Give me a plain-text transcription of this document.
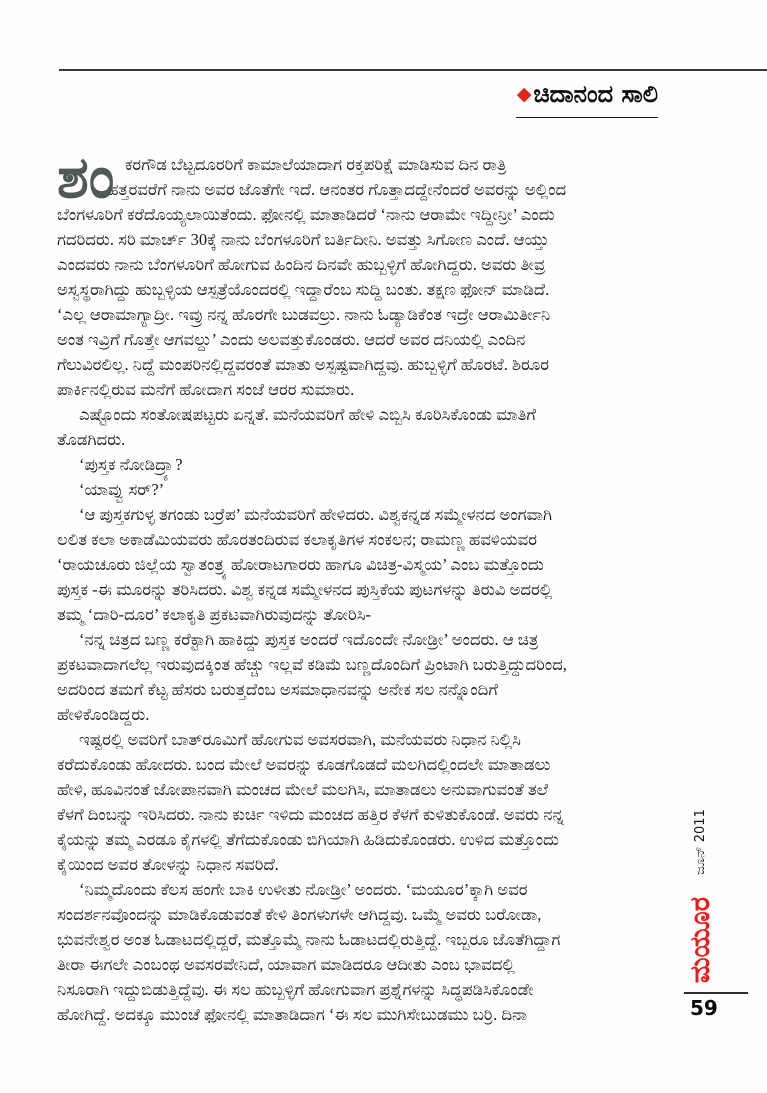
◆ಚಿದಾನಂದ ಸಾಲಿ
ಶಂ ಕರಗೌಡ ಬೆಟ್ಟದೂರರಿಗೆ ಕಾಮಾಲೆಯಾದಾಗ ರಕ್ತಪರಿಕ್ಷೆ ಮಾಡಿಸುವ ದಿನ ರಾತ್ರಿ
ಹತ್ತರವರೆಗೆ ನಾನು ಅವರ ಜೊತೆಗೇ ಇದೆ. ಆನಂತರ ಗೊತ್ತಾದದ್ದೇನೆಂದರೆ ಅವರನ್ನು ಅಲ್ಲಿಂದ
ಬೆಂಗಳೂರಿಗೆ ಕರೆದೊಯ್ಯಲಾಯಿತೆಂದು. ಫೋನಲ್ಲಿ ಮಾತಾಡಿದರೆ ‘ನಾನು ಆರಾಮೇ ಇದ್ದೀನ್ರೀ’ ಎಂದು
ಗದರಿದರು. ಸರಿ ಮಾರ್ಚ್ 30ಕ್ಕೆ ನಾನು ಬೆಂಗಳೂರಿಗೆ ಬರ್ತಿದೀನಿ. ಅವತ್ತು ಸಿಗೋಣ ಎಂದೆ. ಆಯ್ತು
ಎಂದವರು ನಾನು ಬೆಂಗಳೂರಿಗೆ ಹೋಗುವ ಹಿಂದಿನ ದಿನವೇ ಹುಬ್ಬಳ್ಳಿಗೆ ಹೋಗಿದ್ದರು. ಅವರು ತೀವ್ರ
ಅಸ್ವಸ್ಥರಾಗಿದ್ದು ಹುಬ್ಬಳ್ಳಿಯ ಆಸ್ಪತ್ರೆಯೊಂದರಲ್ಲಿ ಇದ್ದಾರೆಂಬ ಸುದ್ದಿ ಬಂತು. ತಕ್ಷಣ ಫೋನ್ ಮಾಡಿದೆ.
‘ಎಲ್ಲ ಆರಾಮಾಗ್ಯಾದ್ರೀ. ಇವ್ರು ನನ್ನ ಹೊರಗೇ ಬುಡವಲ್ರು. ನಾನು ಓಡ್ಯಾಡಿಕೆಂತ ಇದ್ರೇ ಆರಾಮಿರ್ತೀನಿ
ಅಂತ ಇವ್ರಿಗೆ ಗೊತ್ತೇ ಆಗವಲ್ದು’ ಎಂದು ಅಲವತ್ತುಕೊಂಡರು. ಆದರೆ ಅವರ ದನಿಯಲ್ಲಿ ಎಂದಿನ
ಗೆಲುವಿರಲಿಲ್ಲ. ನಿದ್ದೆ ಮಂಪರಿನಲ್ಲಿದ್ದವರಂತೆ ಮಾತು ಅಸ್ಪಷ್ಟವಾಗಿದ್ದವು. ಹುಬ್ಬಳ್ಳಿಗೆ ಹೊರಟೆ. ಶಿರೂರ
ಪಾರ್ಕಿನಲ್ಲಿರುವ ಮನೆಗೆ ಹೋದಾಗ ಸಂಜೆ ಆರರ ಸುಮಾರು.
ಎಷ್ಟೊಂದು ಸಂತೋಷಪಟ್ಟರು ಏನ್ನತೆ. ಮನೆಯವರಿಗೆ ಹೇಳಿ ಎಬ್ಬಿಸಿ ಕೂರಿಸಿಕೊಂಡು ಮಾತಿಗೆ
ತೊಡಗಿದರು.
‘ಪುಸ್ತಕ ನೋಡಿದ್ರ್ಯಾ?
‘ಯಾವ್ವು ಸರ್?’
‘ಆ ಪುಸ್ತಕಗುಳ್ಳ ತಗಂಡು ಬರ್ರೆಪ’ ಮನೆಯವರಿಗೆ ಹೇಳಿದರು. ವಿಶ್ವಕನ್ನಡ ಸಮ್ಮೇಳನದ ಅಂಗವಾಗಿ
ಲಲಿತ ಕಲಾ ಅಕಾಡೆಮಿಯವರು ಹೊರತಂದಿರುವ ಕಲಾಕೃತಿಗಳ ಸಂಕಲನ; ರಾಮಣ್ಣ ಹವಳಿಯವರ
‘ರಾಯಚೂರು ಜಿಲ್ಲೆಯ ಸ್ವಾತಂತ್ರ್ಯ ಹೋರಾಟಗಾರರು ಹಾಗೂ ವಿಚಿತ್ರ-ವಿಸ್ಮಯ’ ಎಂಬ ಮತ್ತೊಂದು
ಪುಸ್ತಕ -ಈ ಮೂರನ್ನು ತರಿಸಿದರು. ವಿಶ್ವ ಕನ್ನಡ ಸಮ್ಮೇಳನದ ಪುಸ್ತಿಕೆಯ ಪುಟಗಳನ್ನು ತಿರುವಿ ಅದರಲ್ಲಿ
ತಮ್ಮ ‘ದಾರಿ-ದೂರ’ ಕಲಾಕೃತಿ ಪ್ರಕಟವಾಗಿರುವುದನ್ನು ತೋರಿಸಿ-
‘ನನ್ನ ಚಿತ್ರದ ಬಣ್ಣ ಕರೆಕ್ಟಾಗಿ ಹಾಕಿದ್ದು ಪುಸ್ತಕ ಅಂದರೆ ಇದೊಂದೇ ನೋಡ್ರೀ’ ಅಂದರು. ಆ ಚಿತ್ರ
ಪ್ರಕಟವಾದಾಗಲೆಲ್ಲ ಇರುವುದಕ್ಕಿಂತ ಹೆಚ್ಚು ಇಲ್ಲವೆ ಕಡಿಮೆ ಬಣ್ಣದೊಂದಿಗೆ ಪ್ರಿಂಟಾಗಿ ಬರುತ್ತಿದ್ದುದರಿಂದ,
ಅದರಿಂದ ತಮಗೆ ಕೆಟ್ಟ ಹೆಸರು ಬರುತ್ತದೆಂಬ ಅಸಮಾಧಾನವನ್ನು ಅನೇಕ ಸಲ ನನ್ನೊಂದಿಗೆ
ಹೇಳಿಕೊಂಡಿದ್ದರು.
ಇಷ್ಟರಲ್ಲಿ ಅವರಿಗೆ ಬಾತ್‌ರೂಮಿಗೆ ಹೋಗುವ ಅವಸರವಾಗಿ, ಮನೆಯವರು ನಿಧಾನ ನಿಲ್ಲಿಸಿ
ಕರೆದುಕೊಂಡು ಹೋದರು. ಬಂದ ಮೇಲೆ ಅವರನ್ನು ಕೂಡಗೊಡದೆ ಮಲಗಿದಲ್ಲಿಂದಲೇ ಮಾತಾಡಲು
ಹೇಳಿ, ಹೂವಿನಂತೆ ಜೋಪಾನವಾಗಿ ಮಂಚದ ಮೇಲೆ ಮಲಗಿಸಿ, ಮಾತಾಡಲು ಅನುವಾಗುವಂತೆ ತಲೆ
ಕೆಳಗೆ ದಿಂಬನ್ನು ಇರಿಸಿದರು. ನಾನು ಕುರ್ಚಿ ಇಳಿದು ಮಂಚದ ಹತ್ತಿರ ಕೆಳಗೆ ಕುಳಿತುಕೊಂಡೆ. ಅವರು ನನ್ನ
ಕೈಯನ್ನು ತಮ್ಮ ಎರಡೂ ಕೈಗಳಲ್ಲಿ ತೆಗೆದುಕೊಂಡು ಬಿಗಿಯಾಗಿ ಹಿಡಿದುಕೊಂಡರು. ಉಳಿದ ಮತ್ತೊಂದು
ಕೈಯಿಂದ ಅವರ ತೋಳನ್ನು ನಿಧಾನ ಸವರಿದೆ.
‘ನಿಮ್ಮದೊಂದು ಕೆಲಸ ಹಂಗೇ ಬಾಕಿ ಉಳೀತು ನೋಡ್ರೀ’ ಅಂದರು. ‘ಮಯೂರ’ಕ್ಕಾಗಿ ಅವರ
ಸಂದರ್ಶನವೊಂದನ್ನು ಮಾಡಿಕೊಡುವಂತೆ ಕೇಳಿ ತಿಂಗಳುಗಳೇ ಆಗಿದ್ದವು. ಒಮ್ಮೆ ಅವರು ಬರೋಡಾ,
ಭುವನೇಶ್ವರ ಅಂತ ಓಡಾಟದಲ್ಲಿದ್ದರೆ, ಮತ್ತೊಮ್ಮೆ ನಾನು ಓಡಾಟದಲ್ಲಿರುತ್ತಿದ್ದೆ. ಇಬ್ಬರೂ ಜೊತೆಗಿದ್ದಾಗ
ತೀರಾ ಈಗಲೇ ಎಂಬಂಥ ಅವಸರವೇನಿದೆ, ಯಾವಾಗ ಮಾಡಿದರೂ ಆದೀತು ಎಂಬ ಭಾವದಲ್ಲಿ
ನಿಸೂರಾಗಿ ಇದ್ದುಬಿಡುತ್ತಿದ್ದೆವು. ಈ ಸಲ ಹುಬ್ಬಳ್ಳಿಗೆ ಹೋಗುವಾಗ ಪ್ರಶ್ನೆಗಳನ್ನು ಸಿದ್ಧಪಡಿಸಿಕೊಂಡೇ
ಹೋಗಿದ್ದೆ. ಅದಕ್ಕೂ ಮುಂಚೆ ಫೋನಲ್ಲಿ ಮಾತಾಡಿದಾಗ ‘ಈ ಸಲ ಮುಗಿಸೇಬುಡಮು ಬರ್ರಿ. ದಿನಾ
ಜೂನ್ 2011
ಮಯೂರ
59
